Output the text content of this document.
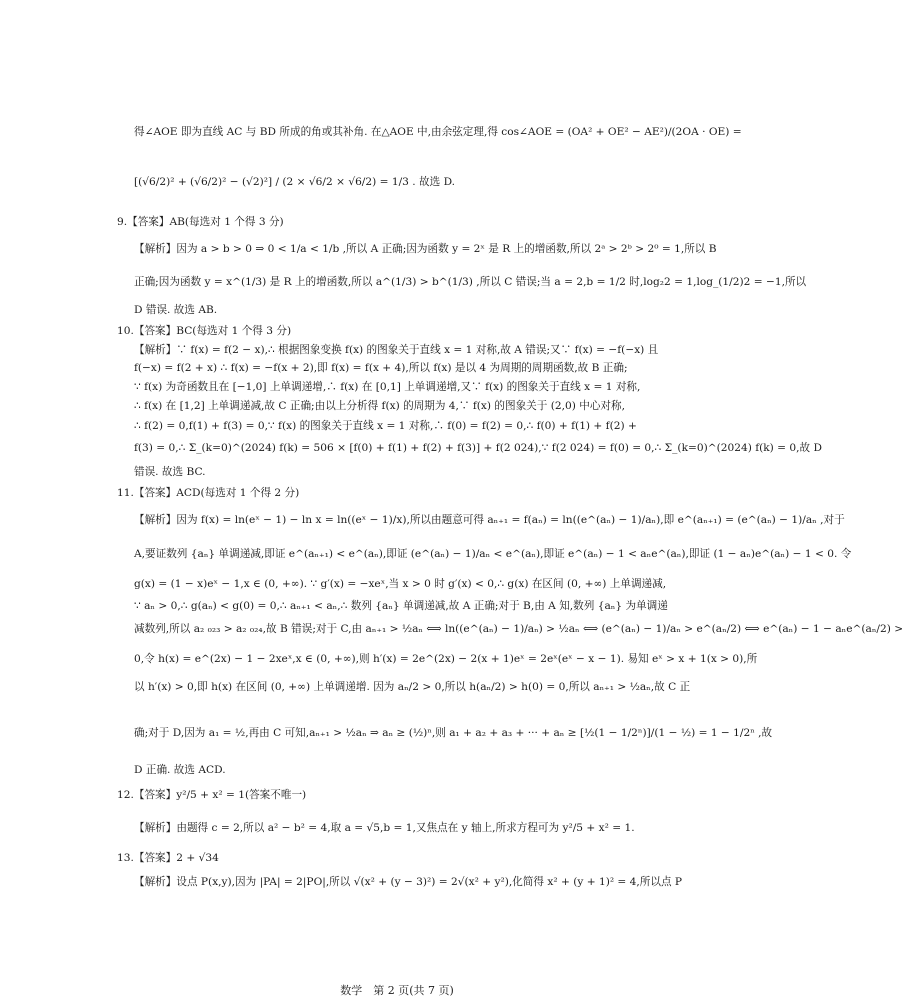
得∠AOE 即为直线 AC 与 BD 所成的角或其补角. 在△AOE 中,由余弦定理,得 cos∠AOE = (OA² + OE² − AE²)/(2OA · OE) =
[(√6/2)² + (√6/2)² − (√2)²] / (2 × √6/2 × √6/2) = 1/3 . 故选 D.
9.【答案】AB(每选对 1 个得 3 分)
【解析】因为 a > b > 0 ⇒ 0 < 1/a < 1/b ,所以 A 正确;因为函数 y = 2ˣ 是 R 上的增函数,所以 2ᵃ > 2ᵇ > 2⁰ = 1,所以 B
正确;因为函数 y = x^(1/3) 是 R 上的增函数,所以 a^(1/3) > b^(1/3) ,所以 C 错误;当 a = 2,b = 1/2 时,log₂2 = 1,log_(1/2)2 = −1,所以
D 错误. 故选 AB.
10.【答案】BC(每选对 1 个得 3 分)
【解析】∵ f(x) = f(2 − x),∴ 根据图象变换 f(x) 的图象关于直线 x = 1 对称,故 A 错误;又∵ f(x) = −f(−x) 且
f(−x) = f(2 + x) ∴ f(x) = −f(x + 2),即 f(x) = f(x + 4),所以 f(x) 是以 4 为周期的周期函数,故 B 正确;
∵ f(x) 为奇函数且在 [−1,0] 上单调递增,∴ f(x) 在 [0,1] 上单调递增,又∵ f(x) 的图象关于直线 x = 1 对称,
∴ f(x) 在 [1,2] 上单调递减,故 C 正确;由以上分析得 f(x) 的周期为 4,∵ f(x) 的图象关于 (2,0) 中心对称,
∴ f(2) = 0,f(1) + f(3) = 0,∵ f(x) 的图象关于直线 x = 1 对称,∴ f(0) = f(2) = 0,∴ f(0) + f(1) + f(2) +
f(3) = 0,∴ Σ_(k=0)^(2024) f(k) = 506 × [f(0) + f(1) + f(2) + f(3)] + f(2 024),∵ f(2 024) = f(0) = 0,∴ Σ_(k=0)^(2024) f(k) = 0,故 D
错误. 故选 BC.
11.【答案】ACD(每选对 1 个得 2 分)
【解析】因为 f(x) = ln(eˣ − 1) − ln x = ln((eˣ − 1)/x),所以由题意可得 aₙ₊₁ = f(aₙ) = ln((e^(aₙ) − 1)/aₙ),即 e^(aₙ₊₁) = (e^(aₙ) − 1)/aₙ ,对于
A,要证数列 {aₙ} 单调递减,即证 e^(aₙ₊₁) < e^(aₙ),即证 (e^(aₙ) − 1)/aₙ < e^(aₙ),即证 e^(aₙ) − 1 < aₙe^(aₙ),即证 (1 − aₙ)e^(aₙ) − 1 < 0. 令
g(x) = (1 − x)eˣ − 1,x ∈ (0, +∞). ∵ g′(x) = −xeˣ,当 x > 0 时 g′(x) < 0,∴ g(x) 在区间 (0, +∞) 上单调递减,
∵ aₙ > 0,∴ g(aₙ) < g(0) = 0,∴ aₙ₊₁ < aₙ,∴ 数列 {aₙ} 单调递减,故 A 正确;对于 B,由 A 知,数列 {aₙ} 为单调递
减数列,所以 a₂ ₀₂₃ > a₂ ₀₂₄,故 B 错误;对于 C,由 aₙ₊₁ > ½aₙ ⟺ ln((e^(aₙ) − 1)/aₙ) > ½aₙ ⟺ (e^(aₙ) − 1)/aₙ > e^(aₙ/2) ⟺ e^(aₙ) − 1 − aₙe^(aₙ/2) >
0,令 h(x) = e^(2x) − 1 − 2xeˣ,x ∈ (0, +∞),则 h′(x) = 2e^(2x) − 2(x + 1)eˣ = 2eˣ(eˣ − x − 1). 易知 eˣ > x + 1(x > 0),所
以 h′(x) > 0,即 h(x) 在区间 (0, +∞) 上单调递增. 因为 aₙ/2 > 0,所以 h(aₙ/2) > h(0) = 0,所以 aₙ₊₁ > ½aₙ,故 C 正
确;对于 D,因为 a₁ = ½,再由 C 可知,aₙ₊₁ > ½aₙ ⇒ aₙ ≥ (½)ⁿ,则 a₁ + a₂ + a₃ + ··· + aₙ ≥ [½(1 − 1/2ⁿ)]/(1 − ½) = 1 − 1/2ⁿ ,故
D 正确. 故选 ACD.
12.【答案】y²/5 + x² = 1(答案不唯一)
【解析】由题得 c = 2,所以 a² − b² = 4,取 a = √5,b = 1,又焦点在 y 轴上,所求方程可为 y²/5 + x² = 1.
13.【答案】2 + √34
【解析】设点 P(x,y),因为 |PA| = 2|PO|,所以 √(x² + (y − 3)²) = 2√(x² + y²),化简得 x² + (y + 1)² = 4,所以点 P
数学　第 2 页(共 7 页)
